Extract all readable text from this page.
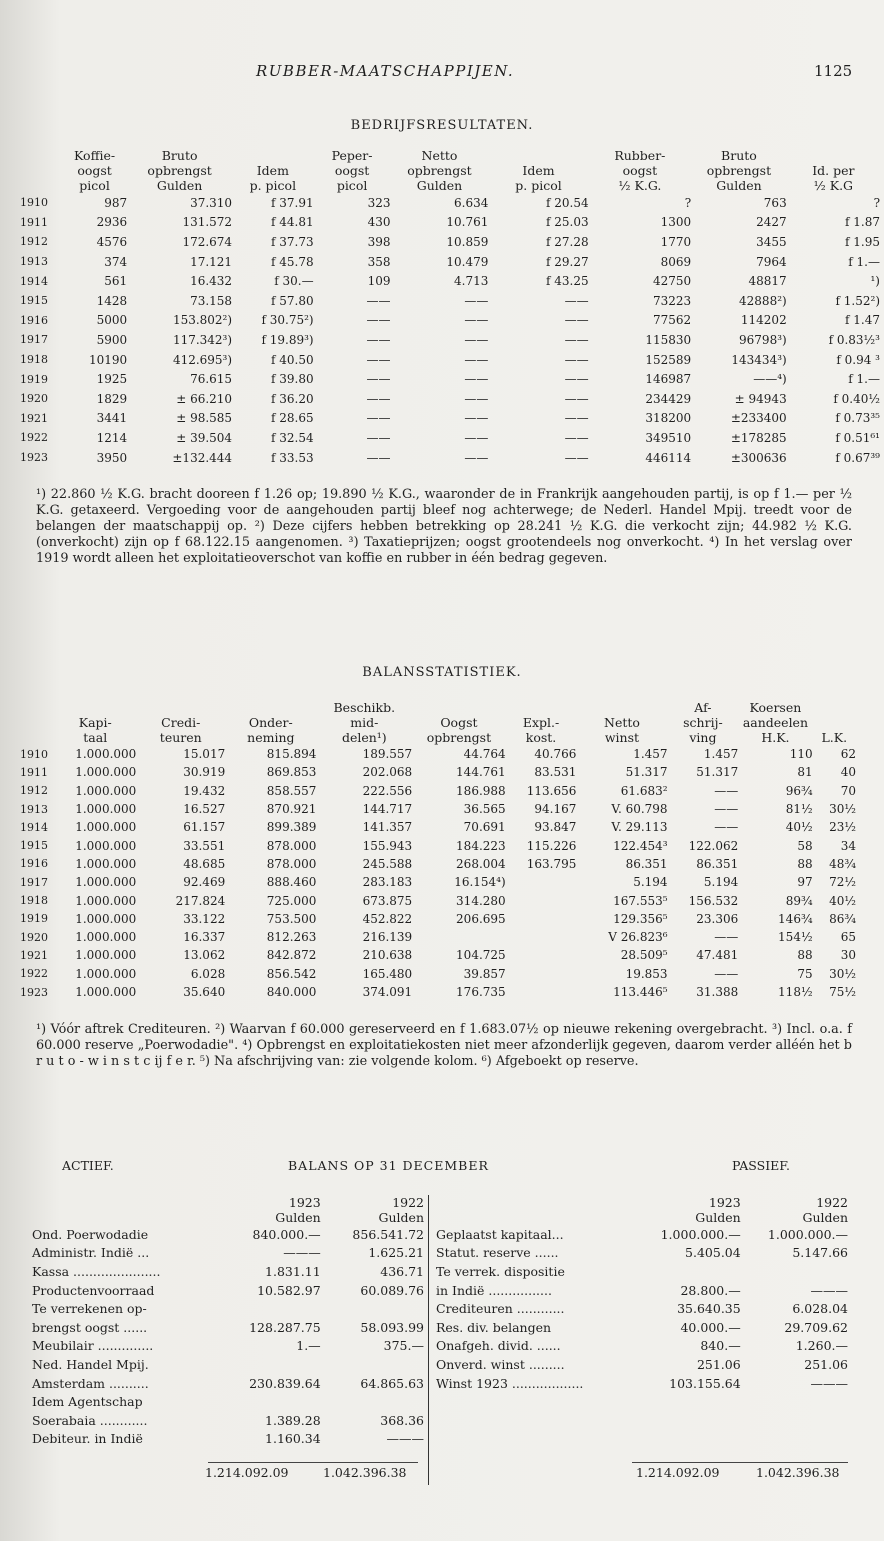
RUBBER-MAATSCHAPPIJEN.	1125
BEDRIJFSRESULTATEN.
	Koffie-
oogst
picol	Bruto
opbrengst
Gulden	
Idem
p. picol	Peper-
oogst
picol	Netto
opbrengst
Gulden	
Idem
p. picol	Rubber-
oogst
½ K.G.	Bruto
opbrengst
Gulden	
Id. per
½ K.G
1910	987	37.310	f 37.91	323	6.634	f 20.54	?	763	?
1911	2936	131.572	f 44.81	430	10.761	f 25.03	1300	2427	f 1.87
1912	4576	172.674	f 37.73	398	10.859	f 27.28	1770	3455	f 1.95
1913	374	17.121	f 45.78	358	10.479	f 29.27	8069	7964	f 1.—
1914	561	16.432	f 30.—	109	4.713	f 43.25	42750	48817	¹)
1915	1428	73.158	f 57.80	——	——	——	73223	42888²)	f 1.52²)
1916	5000	153.802²)	f 30.75²)	——	——	——	77562	114202	f 1.47
1917	5900	117.342³)	f 19.89³)	——	——	——	115830	96798³)	f 0.83½³
1918	10190	412.695³)	f 40.50	——	——	——	152589	143434³)	f 0.94 ³
1919	1925	76.615	f 39.80	——	——	——	146987	——⁴)	f 1.—
1920	1829	± 66.210	f 36.20	——	——	——	234429	± 94943	f 0.40½
1921	3441	± 98.585	f 28.65	——	——	——	318200	±233400	f 0.73³⁵
1922	1214	± 39.504	f 32.54	——	——	——	349510	±178285	f 0.51⁶¹
1923	3950	±132.444	f 33.53	——	——	——	446114	±300636	f 0.67³⁹
¹) 22.860 ½ K.G. bracht dooreen f 1.26 op; 19.890 ½ K.G., waaronder de in Frankrijk aangehouden partij, is op f 1.— per ½ K.G. getaxeerd. Vergoeding voor de aangehouden partij bleef nog achterwege; de Nederl. Handel Mpij. treedt voor de belangen der maatschappij op. ²) Deze cijfers hebben betrekking op 28.241 ½ K.G. die verkocht zijn; 44.982 ½ K.G. (onverkocht) zijn op f 68.122.15 aangenomen. ³) Taxatieprijzen; oogst grootendeels nog onverkocht. ⁴) In het verslag over 1919 wordt alleen het exploitatieoverschot van koffie en rubber in één bedrag gegeven.
BALANSSTATISTIEK.
	Kapi-
taal	Credi-
teuren	Onder-
neming	Beschikb.
mid-
delen¹)	Oogst
opbrengst	Expl.-
kost.	Netto
winst	Af-
schrij-
ving	Koersen
aandeelen
H.K.	
L.K.
1910	1.000.000	15.017	815.894	189.557	44.764	40.766	1.457	1.457	110	62
1911	1.000.000	30.919	869.853	202.068	144.761	83.531	51.317	51.317	81	40
1912	1.000.000	19.432	858.557	222.556	186.988	113.656	61.683²	——	96¾	70
1913	1.000.000	16.527	870.921	144.717	36.565	94.167	V. 60.798	——	81½	30½
1914	1.000.000	61.157	899.389	141.357	70.691	93.847	V. 29.113	——	40½	23½
1915	1.000.000	33.551	878.000	155.943	184.223	115.226	122.454³	122.062	58	34
1916	1.000.000	48.685	878.000	245.588	268.004	163.795	86.351	86.351	88	48¾
1917	1.000.000	92.469	888.460	283.183	16.154⁴)		5.194	5.194	97	72½
1918	1.000.000	217.824	725.000	673.875	314.280		167.553⁵	156.532	89¾	40½
1919	1.000.000	33.122	753.500	452.822	206.695		129.356⁵	23.306	146¾	86¾
1920	1.000.000	16.337	812.263	216.139			V 26.823⁶	——	154½	65
1921	1.000.000	13.062	842.872	210.638	104.725		28.509⁵	47.481	88	30
1922	1.000.000	6.028	856.542	165.480	39.857		19.853	——	75	30½
1923	1.000.000	35.640	840.000	374.091	176.735		113.446⁵	31.388	118½	75½
¹) Vóór aftrek Crediteuren. ²) Waarvan f 60.000 gereserveerd en f 1.683.07½ op nieuwe rekening overgebracht. ³) Incl. o.a. f 60.000 reserve „Poerwodadie". ⁴) Opbrengst en exploitatiekosten niet meer afzonderlijk gegeven, daarom verder alléén het b r u t o - w i n s t c ij f e r. ⁵) Na afschrijving van: zie volgende kolom. ⁶) Afgeboekt op reserve.
ACTIEF.	BALANS OP 31 DECEMBER	PASSIEF.
	1923	1922
	Gulden	Gulden
Ond. Poerwodadie	840.000.—	856.541.72
Administr. Indië ...	———	1.625.21
Kassa ......................	1.831.11	436.71
Productenvoorraad	10.582.97	60.089.76
Te verrekenen op-		
brengst oogst ......	128.287.75	58.093.99
Meubilair ..............	1.—	375.—
Ned. Handel Mpij.		
Amsterdam ..........	230.839.64	64.865.63
Idem Agentschap		
Soerabaia ............	1.389.28	368.36
Debiteur. in Indië	1.160.34	———
	1923	1922
	Gulden	Gulden
Geplaatst kapitaal...	1.000.000.—	1.000.000.—
Statut. reserve ......	5.405.04	5.147.66
Te verrek. dispositie		
in Indië ................	28.800.—	———
Crediteuren ............	35.640.35	6.028.04
Res. div. belangen	40.000.—	29.709.62
Onafgeh. divid. ......	840.—	1.260.—
Onverd. winst .........	251.06	251.06
Winst 1923 ..................	103.155.64	———
1.214.092.09	1.042.396.38	1.214.092.09	1.042.396.38
